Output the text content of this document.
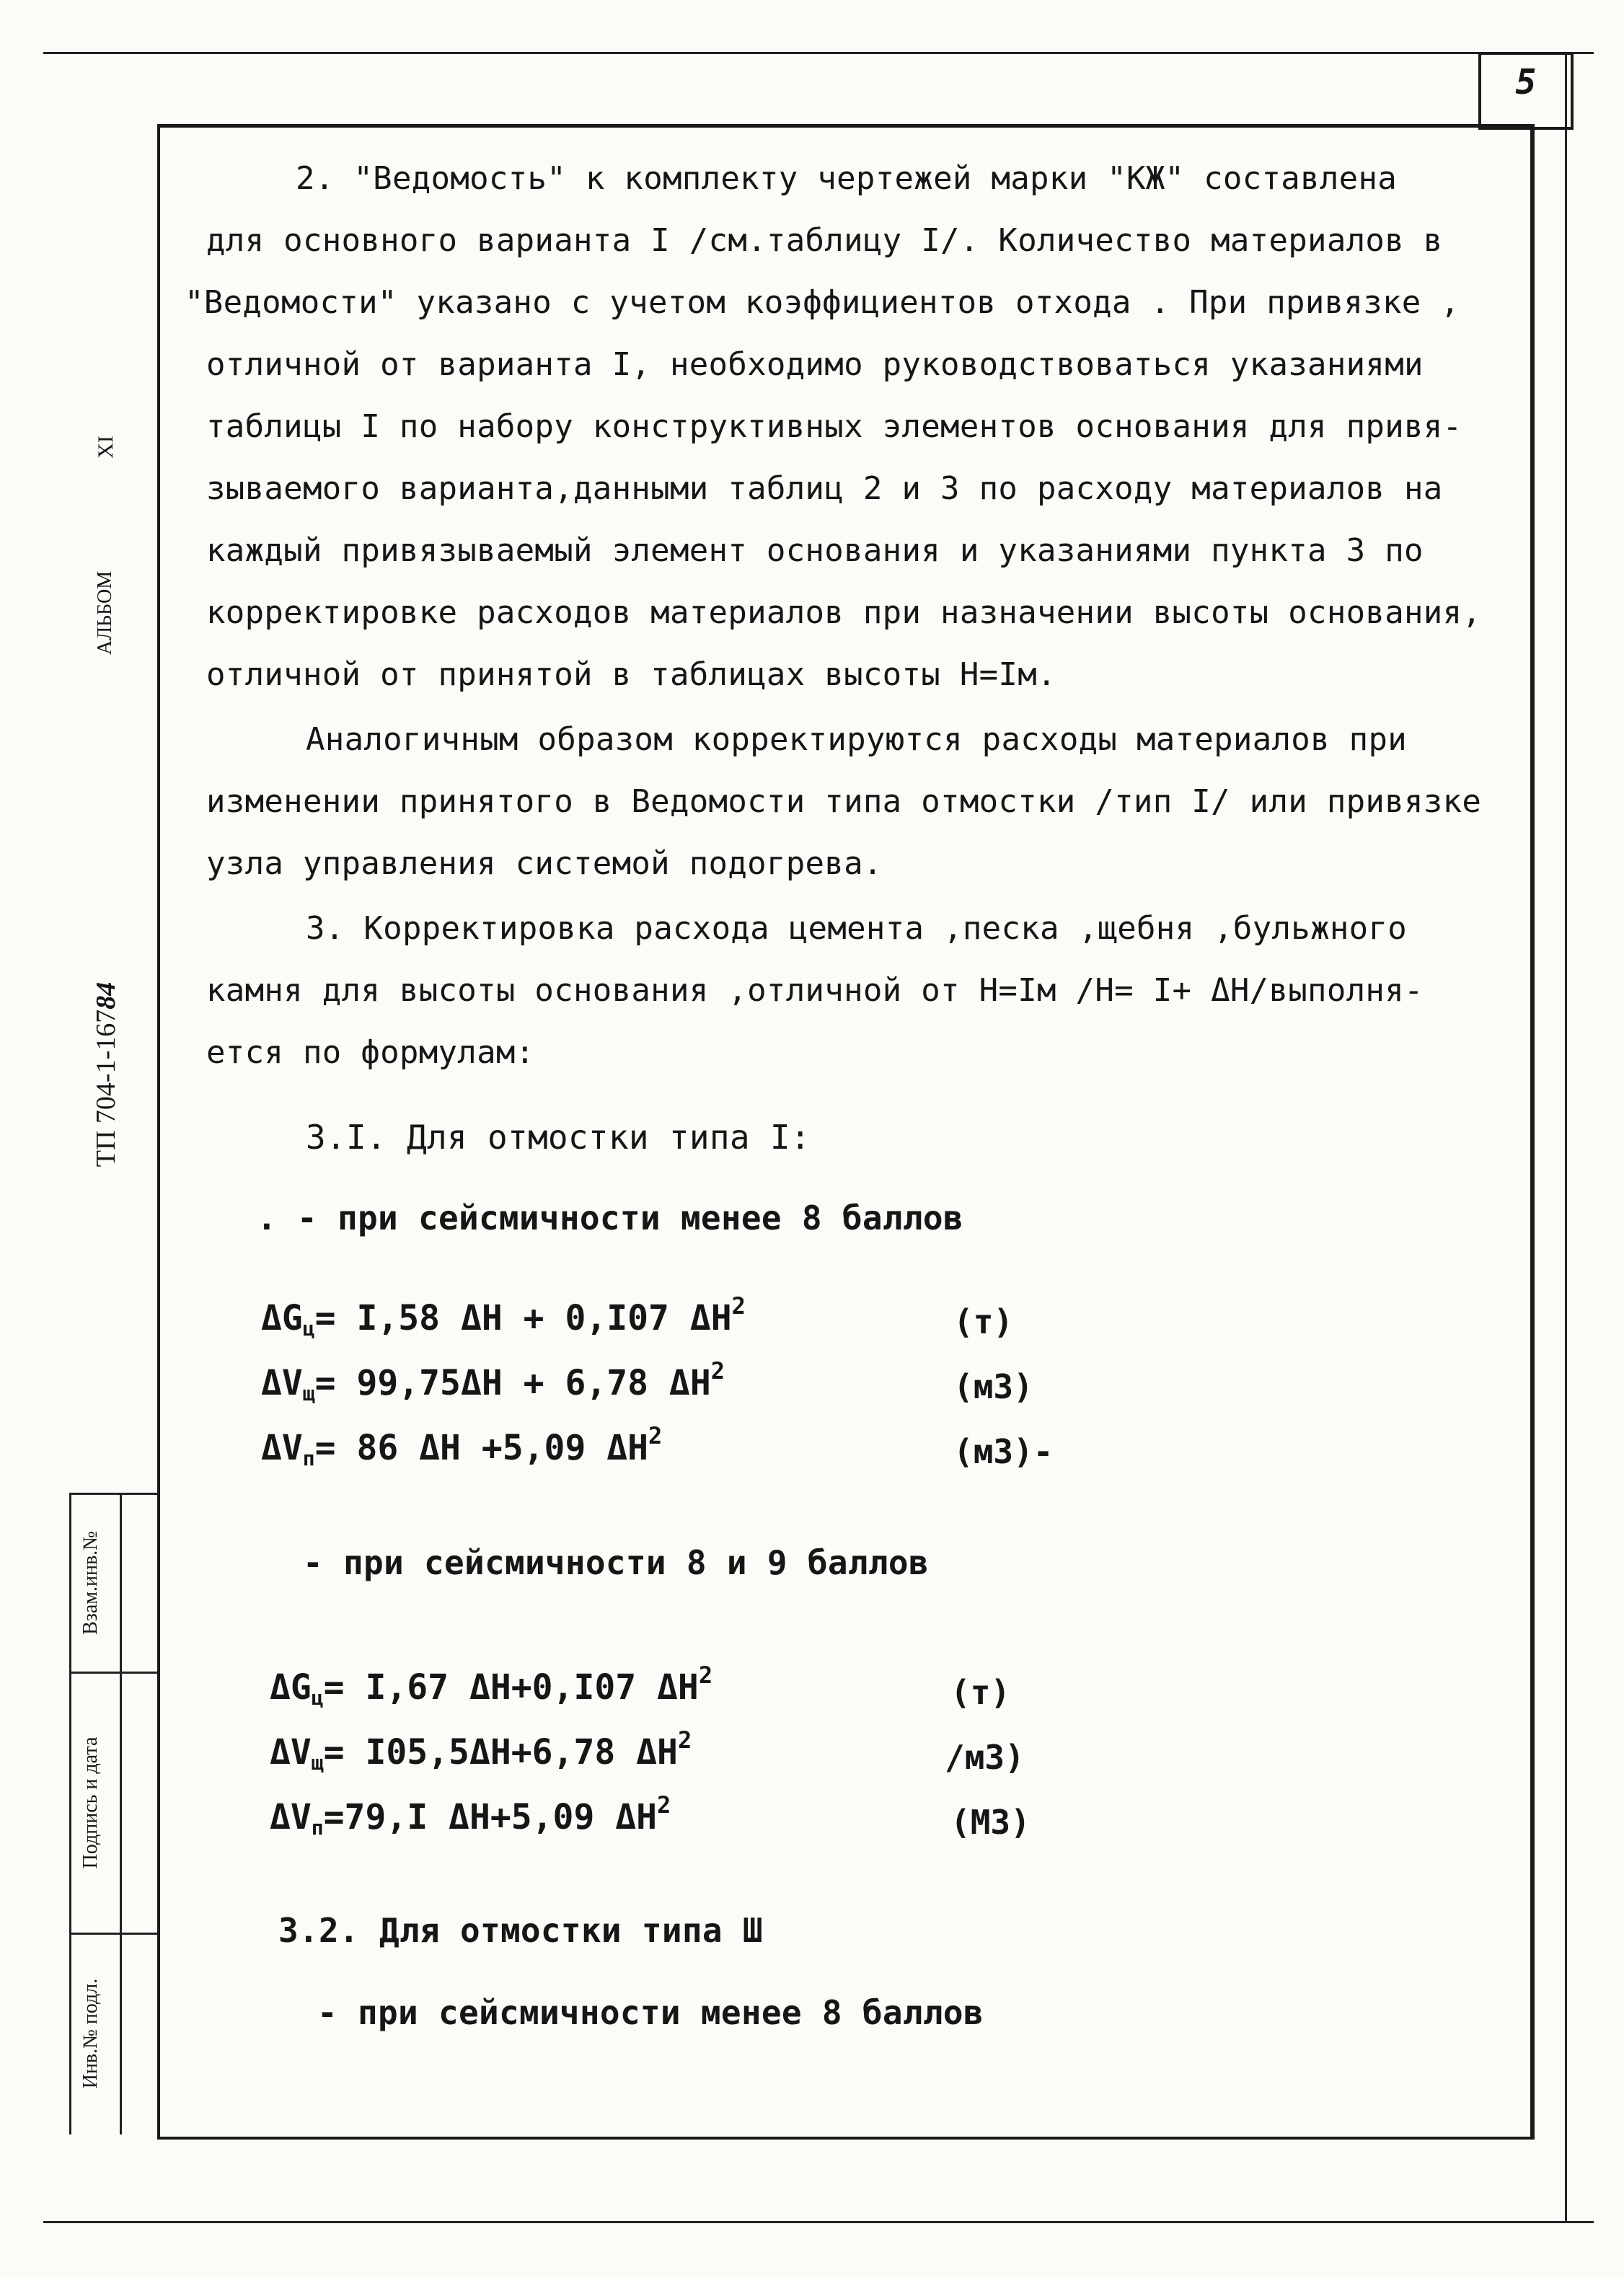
5
XI
АЛЬБОМ
ТП 704-1-16784
Взам.инв.№
Подпись и дата
Инв.№ подл.
2. "Ведомость" к комплекту чертежей марки "КЖ" составлена
для основного варианта I /см.таблицу I/. Количество материалов в
"Ведомости" указано с учетом коэффициентов отхода . При привязке ,
отличной от варианта I, необходимо руководствоваться указаниями
таблицы I по набору конструктивных элементов основания для привя-
зываемого варианта,данными таблиц 2 и 3 по расходу материалов на
каждый привязываемый элемент основания и указаниями пункта 3 по
корректировке расходов материалов при назначении высоты основания,
отличной от принятой в таблицах высоты Н=Iм.
Аналогичным образом корректируются расходы материалов при
изменении принятого в Ведомости типа отмостки /тип I/ или привязке
узла управления системой подогрева.
3. Корректировка расхода цемента ,песка ,щебня ,бульжного
камня для высоты основания ,отличной от Н=Iм /Н= I+ ΔН/выполня-
ется по формулам:
3.I. Для отмостки типа I:
. - при сейсмичности менее 8 баллов
$\Delta G_ц= I,58$ ΔН + 0,I07 $\Delta Н^2$	(т)
$\Delta V_щ= 99,75\Delta Н + 6,78$ $\Delta Н^2$	(м3)
$\Delta V_п= 86$ ΔН +5,09 $\Delta Н^2$	(м3)-
- при сейсмичности 8 и 9 баллов
$\Delta G_ц= I,67$ ΔН+0,I07 $\Delta Н^2$	(т)
$\Delta V_щ= I05,5\Delta Н+6,78$ $\Delta Н^2$	/м3)
$\Delta V_п=79,I$ ΔН+5,09 $\Delta Н^2$	(М3)
3.2. Для отмостки типа Ш
- при сейсмичности менее 8 баллов
